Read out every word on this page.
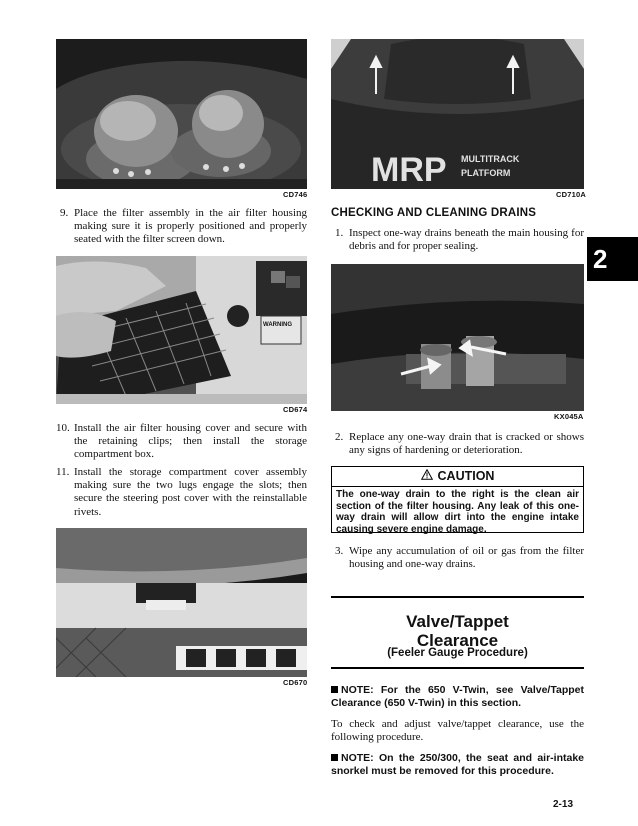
CD746
9. Place the filter assembly in the air filter housing making sure it is properly positioned and properly seated with the filter screen down.
WARNING
CD674
10. Install the air filter housing cover and secure with the retaining clips; then install the storage compartment box.
11. Install the storage compartment cover assembly making sure the two lugs engage the slots; then secure the steering post cover with the reinstallable rivets.
CD670
MRP MULTITRACK
PLATFORM
CD710A
CHECKING AND CLEANING DRAINS
1. Inspect one-way drains beneath the main housing for debris and for proper sealing.
KX045A
2. Replace any one-way drain that is cracked or shows any signs of hardening or deterioration.
CAUTION
The one-way drain to the right is the clean air section of the filter housing. Any leak of this one-way drain will allow dirt into the engine intake causing severe engine damage.
3. Wipe any accumulation of oil or gas from the filter housing and one-way drains.
Valve/Tappet
Clearance
(Feeler Gauge Procedure)
NOTE: For the 650 V-Twin, see Valve/Tappet Clearance (650 V-Twin) in this section.
To check and adjust valve/tappet clearance, use the following procedure.
NOTE: On the 250/300, the seat and air-intake snorkel must be removed for this procedure.
2
2-13
